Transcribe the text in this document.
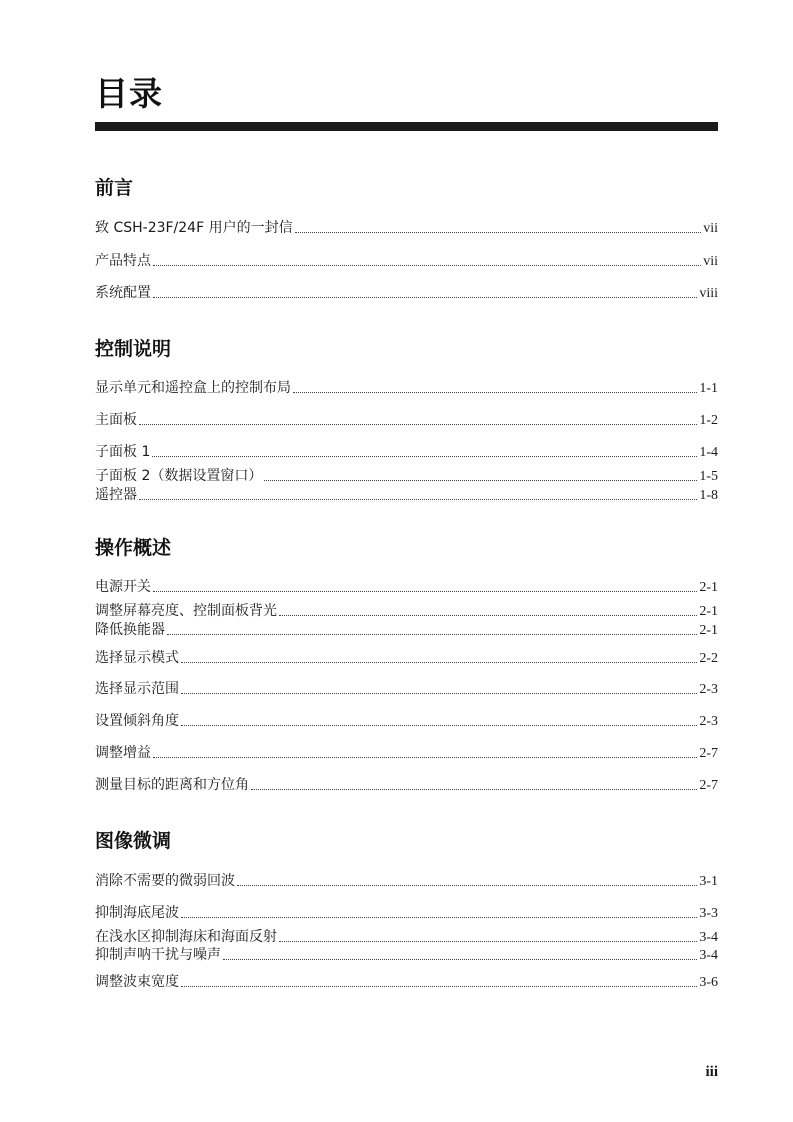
目录
前言
致 CSH-23F/24F 用户的一封信	vii
产品特点	vii
系统配置	viii
控制说明
显示单元和遥控盒上的控制布局	1-1
主面板	1-2
子面板 1	1-4
子面板 2（数据设置窗口）	1-5
遥控器	1-8
操作概述
电源开关	2-1
调整屏幕亮度、控制面板背光	2-1
降低换能器	2-1
选择显示模式	2-2
选择显示范围	2-3
设置倾斜角度	2-3
调整增益	2-7
测量目标的距离和方位角	2-7
图像微调
消除不需要的微弱回波	3-1
抑制海底尾波	3-3
在浅水区抑制海床和海面反射	3-4
抑制声呐干扰与噪声	3-4
调整波束宽度	3-6
iii
